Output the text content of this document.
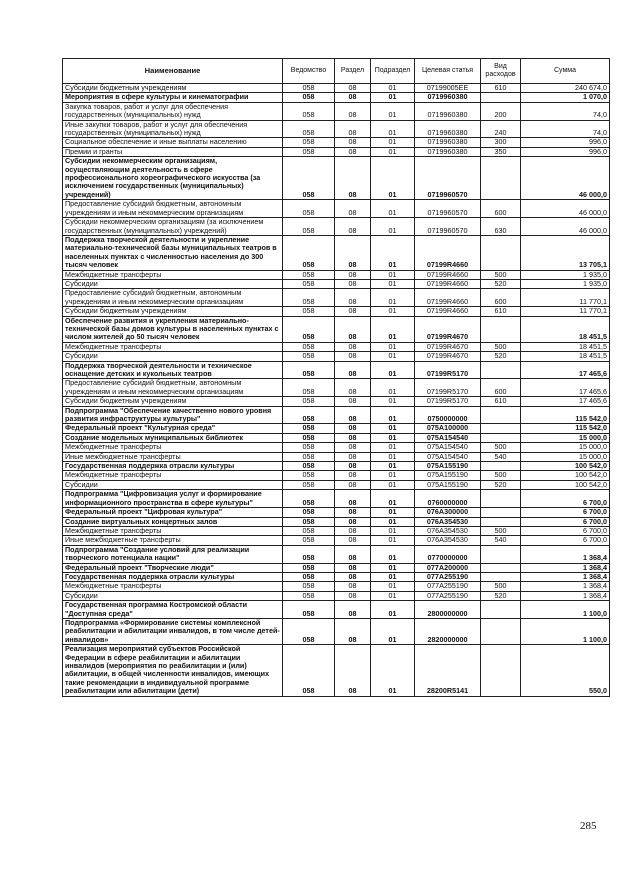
Наименование	Ведомство	Раздел	Подраздел	Целевая статья	Вид расходов	Сумма
Субсидии бюджетным учреждениям	058	08	01	07199005ЕЕ	610	240 674,0
Мероприятия в сфере культуры и кинематографии	058	08	01	0719960380		1 070,0
Закупка товаров, работ и услуг для обеспечения государственных (муниципальных) нужд	058	08	01	0719960380	200	74,0
Иные закупки товаров, работ и услуг для обеспечения государственных (муниципальных) нужд	058	08	01	0719960380	240	74,0
Социальное обеспечение и иные выплаты населению	058	08	01	0719960380	300	996,0
Премии и гранты	058	08	01	0719960380	350	996,0
Субсидии некоммерческим организациям, осуществляющим деятельность в сфере профессионального хореографического искусства (за исключением государственных (муниципальных) учреждений)	058	08	01	0719960570		46 000,0
Предоставление субсидий бюджетным, автономным учреждениям и иным некоммерческим организациям	058	08	01	0719960570	600	46 000,0
Субсидии некоммерческим организациям (за исключением государственных (муниципальных) учреждений)	058	08	01	0719960570	630	46 000,0
Поддержка творческой деятельности и укрепление материально-технической базы муниципальных театров в населенных пунктах с численностью населения до 300 тысяч человек	058	08	01	07199R4660		13 705,1
Межбюджетные трансферты	058	08	01	07199R4660	500	1 935,0
Субсидии	058	08	01	07199R4660	520	1 935,0
Предоставление субсидий бюджетным, автономным учреждениям и иным некоммерческим организациям	058	08	01	07199R4660	600	11 770,1
Субсидии бюджетным учреждениям	058	08	01	07199R4660	610	11 770,1
Обеспечение развития и укрепления материально-технической базы домов культуры в населенных пунктах с числом жителей до 50 тысяч человек	058	08	01	07199R4670		18 451,5
Межбюджетные трансферты	058	08	01	07199R4670	500	18 451,5
Субсидии	058	08	01	07199R4670	520	18 451,5
Поддержка творческой деятельности и техническое оснащение детских и кукольных театров	058	08	01	07199R5170		17 465,6
Предоставление субсидий бюджетным, автономным учреждениям и иным некоммерческим организациям	058	08	01	07199R5170	600	17 465,6
Субсидии бюджетным учреждениям	058	08	01	07199R5170	610	17 465,6
Подпрограмма "Обеспечение качественно нового уровня развития инфраструктуры культуры"	058	08	01	0750000000		115 542,0
Федеральный проект "Культурная среда"	058	08	01	075A100000		115 542,0
Создание модельных муниципальных библиотек	058	08	01	075A154540		15 000,0
Межбюджетные трансферты	058	08	01	075A154540	500	15 000,0
Иные межбюджетные трансферты	058	08	01	075A154540	540	15 000,0
Государственная поддержка отрасли культуры	058	08	01	075A155190		100 542,0
Межбюджетные трансферты	058	08	01	075A155190	500	100 542,0
Субсидии	058	08	01	075A155190	520	100 542,0
Подпрограмма "Цифровизация услуг и формирование информационного пространства в сфере культуры"	058	08	01	0760000000		6 700,0
Федеральный проект "Цифровая культура"	058	08	01	076А300000		6 700,0
Создание виртуальных концертных залов	058	08	01	076А354530		6 700,0
Межбюджетные трансферты	058	08	01	076А354530	500	6 700,0
Иные межбюджетные трансферты	058	08	01	076А354530	540	6 700,0
Подпрограмма "Создание условий для реализации творческого потенциала нации"	058	08	01	0770000000		1 368,4
Федеральный проект "Творческие люди"	058	08	01	077A200000		1 368,4
Государственная поддержка отрасли культуры	058	08	01	077A255190		1 368,4
Межбюджетные трансферты	058	08	01	077A255190	500	1 368,4
Субсидии	058	08	01	077A255190	520	1 368,4
Государственная программа Костромской области "Доступная среда"	058	08	01	2800000000		1 100,0
Подпрограмма «Формирование системы комплексной реабилитации и абилитации инвалидов, в том числе детей-инвалидов»	058	08	01	2820000000		1 100,0
Реализация мероприятий субъектов Российской Федерации в сфере реабилитации и абилитации инвалидов (мероприятия по реабилитации и (или) абилитации, в общей численности инвалидов, имеющих такие рекомендации в индивидуальной программе реабилитации или абилитации (дети)	058	08	01	28200R5141		550,0
285
